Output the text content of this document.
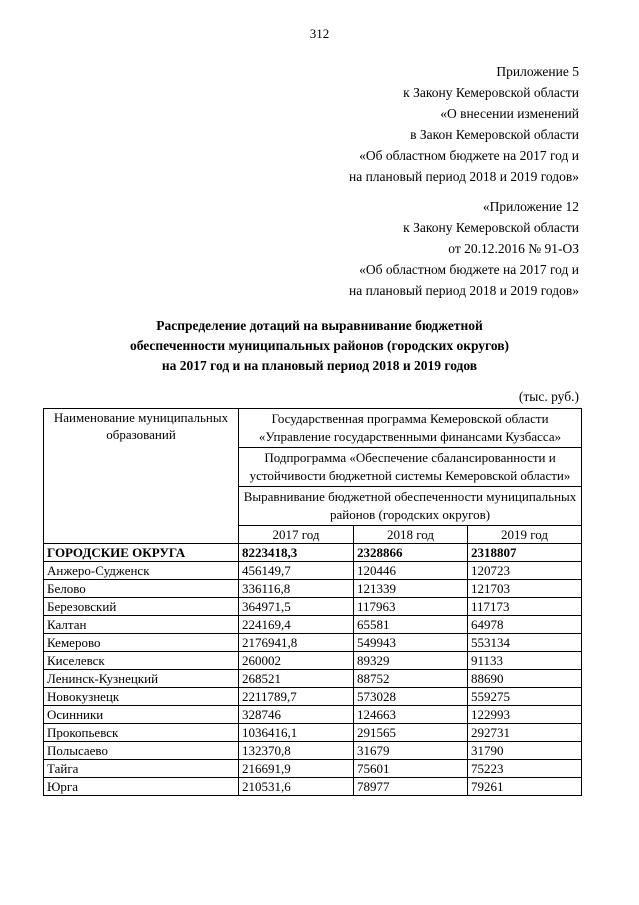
312
Приложение 5
к Закону Кемеровской области
«О внесении изменений
в Закон Кемеровской области
«Об областном бюджете на 2017 год и
на плановый период 2018 и 2019 годов»
«Приложение 12
к Закону Кемеровской области
от 20.12.2016 № 91-ОЗ
«Об областном бюджете на 2017 год и
на плановый период 2018 и 2019 годов»
Распределение дотаций на выравнивание бюджетной
обеспеченности муниципальных районов (городских округов)
на 2017 год и на плановый период 2018 и 2019 годов
(тыс. руб.)
Наименование муниципальных образований	Государственная программа Кемеровской области «Управление государственными финансами Кузбасса»		
	Подпрограмма «Обеспечение сбалансированности и устойчивости бюджетной системы Кемеровской области»		
	Выравнивание бюджетной обеспеченности муниципальных районов (городских округов)		
	2017 год	2018 год	2019 год
ГОРОДСКИЕ ОКРУГА	8223418,3	2328866	2318807
Анжеро-Судженск	456149,7	120446	120723
Белово	336116,8	121339	121703
Березовский	364971,5	117963	117173
Калтан	224169,4	65581	64978
Кемерово	2176941,8	549943	553134
Киселевск	260002	89329	91133
Ленинск-Кузнецкий	268521	88752	88690
Новокузнецк	2211789,7	573028	559275
Осинники	328746	124663	122993
Прокопьевск	1036416,1	291565	292731
Полысаево	132370,8	31679	31790
Тайга	216691,9	75601	75223
Юрга	210531,6	78977	79261
